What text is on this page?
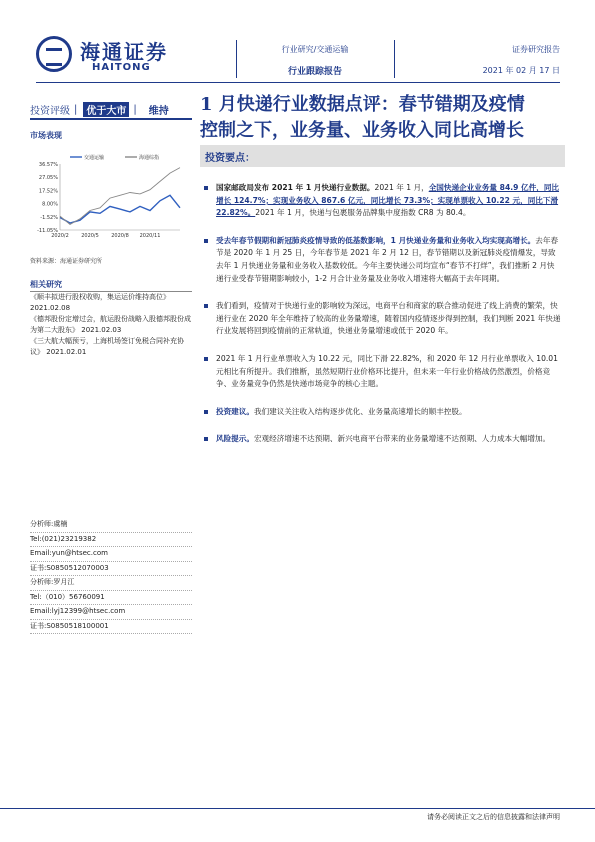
海通证券
HAITONG
行业研究/交通运输
行业跟踪报告
证券研究报告
2021 年 02 月 17 日
投资评级 | 优于大市 | 维持
市场表现
36.57%
27.05%
17.52%
8.00%
-1.52%
-11.05%
2020/2 2020/5 2020/8 2020/11
交通运输	海通综指
资料来源：海通证券研究所
相关研究
《顺丰拟进行股权收购，集运运价维持高位》 2021.02.08
《德邦股份定增过会，航运股份战略入股德邦股份成为第二大股东》 2021.02.03
《三大航大幅预亏，上海机场签订免税合同补充协议》 2021.02.01
分析师:虞楠
Tel:(021)23219382
Email:yun@htsec.com
证书:S0850512070003
分析师:罗月江
Tel:（010）56760091
Email:lyj12399@htsec.com
证书:S0850518100001
1 月快递行业数据点评：春节错期及疫情
控制之下，业务量、业务收入同比高增长
投资要点：
国家邮政局发布 2021 年 1 月快递行业数据。2021 年 1 月，全国快递企业业务量 84.9 亿件，同比增长 124.7%；实现业务收入 867.6 亿元，同比增长 73.3%；实现单票收入 10.22 元，同比下滑 22.82%。2021 年 1 月，快递与包裹服务品牌集中度指数 CR8 为 80.4。
受去年春节假期和新冠肺炎疫情导致的低基数影响，1 月快递业务量和业务收入均实现高增长。去年春节是 2020 年 1 月 25 日，今年春节是 2021 年 2 月 12 日，春节错期以及新冠肺炎疫情爆发，导致去年 1 月快递业务量和业务收入基数较低。今年主要快递公司均宣布“春节不打烊”，我们推断 2 月快递行业受春节错期影响较小，1-2 月合计业务量及业务收入增速将大幅高于去年同期。
我们看到，疫情对于快递行业的影响较为深远，电商平台和商家的联合推动促进了线上消费的繁荣，快递行业在 2020 年全年维持了较高的业务量增速，随着国内疫情逐步得到控制，我们判断 2021 年快递行业发展将回到疫情前的正常轨道，快递业务量增速或低于 2020 年。
2021 年 1 月行业单票收入为 10.22 元，同比下滑 22.82%，和 2020 年 12 月行业单票收入 10.01 元相比有所提升。我们推断，虽然短期行业价格环比提升，但未来一年行业价格战仍然激烈，价格竞争、业务量竞争仍然是快递市场竞争的核心主题。
投资建议。我们建议关注收入结构逐步优化、业务量高速增长的顺丰控股。
风险提示。宏观经济增速不达预期、新兴电商平台带来的业务量增速不达预期、人力成本大幅增加。
请务必阅读正文之后的信息披露和法律声明
